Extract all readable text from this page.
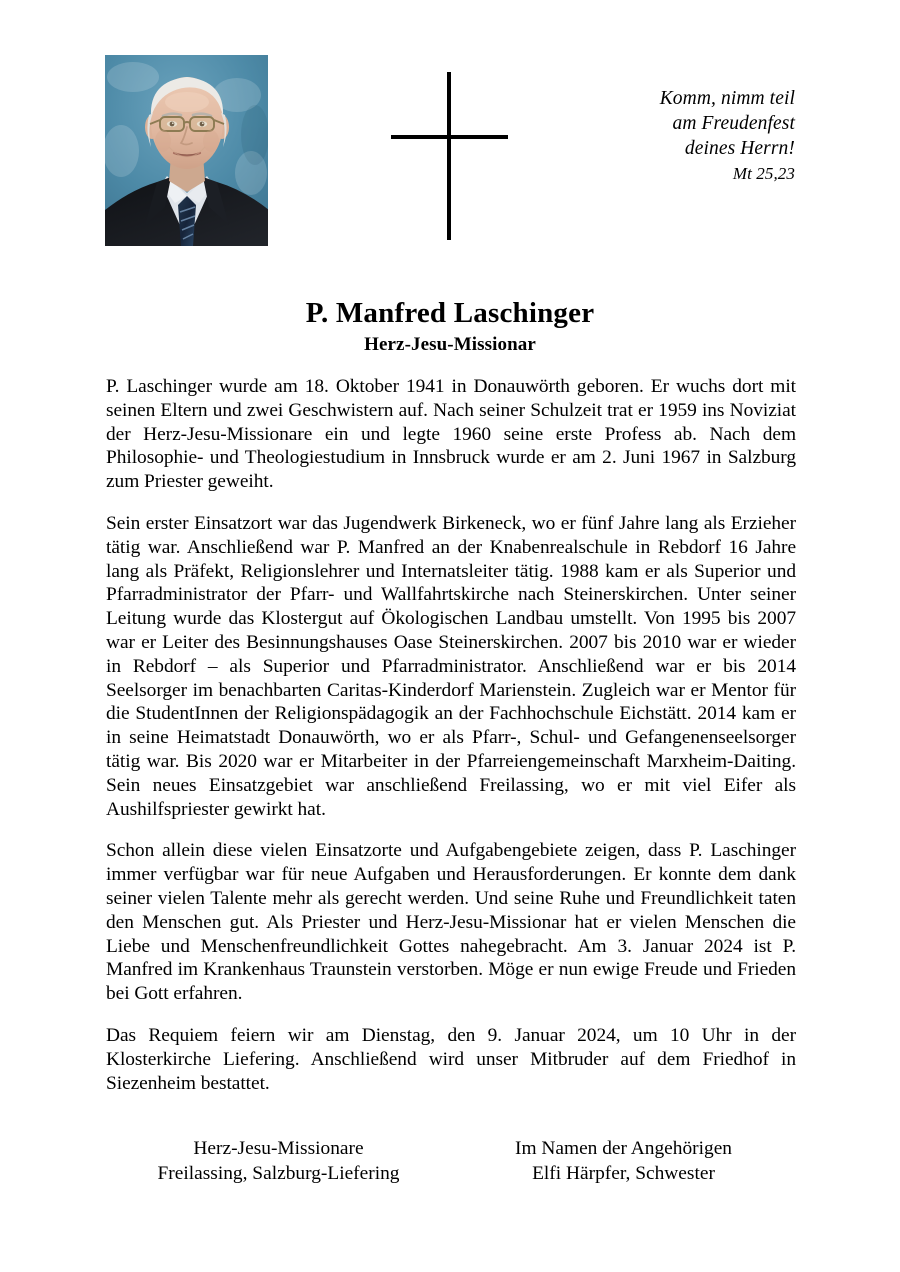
Komm, nimm teil
am Freudenfest
deines Herrn!
Mt 25,23
P. Manfred Laschinger
Herz-Jesu-Missionar

P. Laschinger wurde am 18. Oktober 1941 in Donauwörth geboren. Er wuchs dort mit seinen Eltern und zwei Geschwistern auf. Nach seiner Schulzeit trat er 1959 ins Noviziat der Herz-Jesu-Missionare ein und legte 1960 seine erste Profess ab. Nach dem Philosophie- und Theologiestudium in Innsbruck wurde er am 2. Juni 1967 in Salzburg zum Priester geweiht.

Sein erster Einsatzort war das Jugendwerk Birkeneck, wo er fünf Jahre lang als Erzieher tätig war. Anschließend war P. Manfred an der Knabenrealschule in Rebdorf 16 Jahre lang als Präfekt, Religionslehrer und Internatsleiter tätig. 1988 kam er als Superior und Pfarradministrator der Pfarr- und Wallfahrtskirche nach Steinerskirchen. Unter seiner Leitung wurde das Klostergut auf Ökologischen Landbau umstellt. Von 1995 bis 2007 war er Leiter des Besinnungshauses Oase Steinerskirchen. 2007 bis 2010 war er wieder in Rebdorf – als Superior und Pfarradministrator. Anschließend war er bis 2014 Seelsorger im benachbarten Caritas-Kinderdorf Marienstein. Zugleich war er Mentor für die StudentInnen der Religionspädagogik an der Fachhochschule Eichstätt. 2014 kam er in seine Heimatstadt Donauwörth, wo er als Pfarr-, Schul- und Gefangenenseelsorger tätig war. Bis 2020 war er Mitarbeiter in der Pfarreiengemeinschaft Marxheim-Daiting. Sein neues Einsatzgebiet war anschließend Freilassing, wo er mit viel Eifer als Aushilfspriester gewirkt hat.

Schon allein diese vielen Einsatzorte und Aufgabengebiete zeigen, dass P. Laschinger immer verfügbar war für neue Aufgaben und Herausforderungen. Er konnte dem dank seiner vielen Talente mehr als gerecht werden. Und seine Ruhe und Freundlichkeit taten den Menschen gut. Als Priester und Herz-Jesu-Missionar hat er vielen Menschen die Liebe und Menschenfreundlichkeit Gottes nahegebracht. Am 3. Januar 2024 ist P. Manfred im Krankenhaus Traunstein verstorben. Möge er nun ewige Freude und Frieden bei Gott erfahren.

Das Requiem feiern wir am Dienstag, den 9. Januar 2024, um 10 Uhr in der Klosterkirche Liefering. Anschließend wird unser Mitbruder auf dem Friedhof in Siezenheim bestattet.

Herz-Jesu-Missionare
Freilassing, Salzburg-Liefering
Im Namen der Angehörigen
Elfi Härpfer, Schwester
